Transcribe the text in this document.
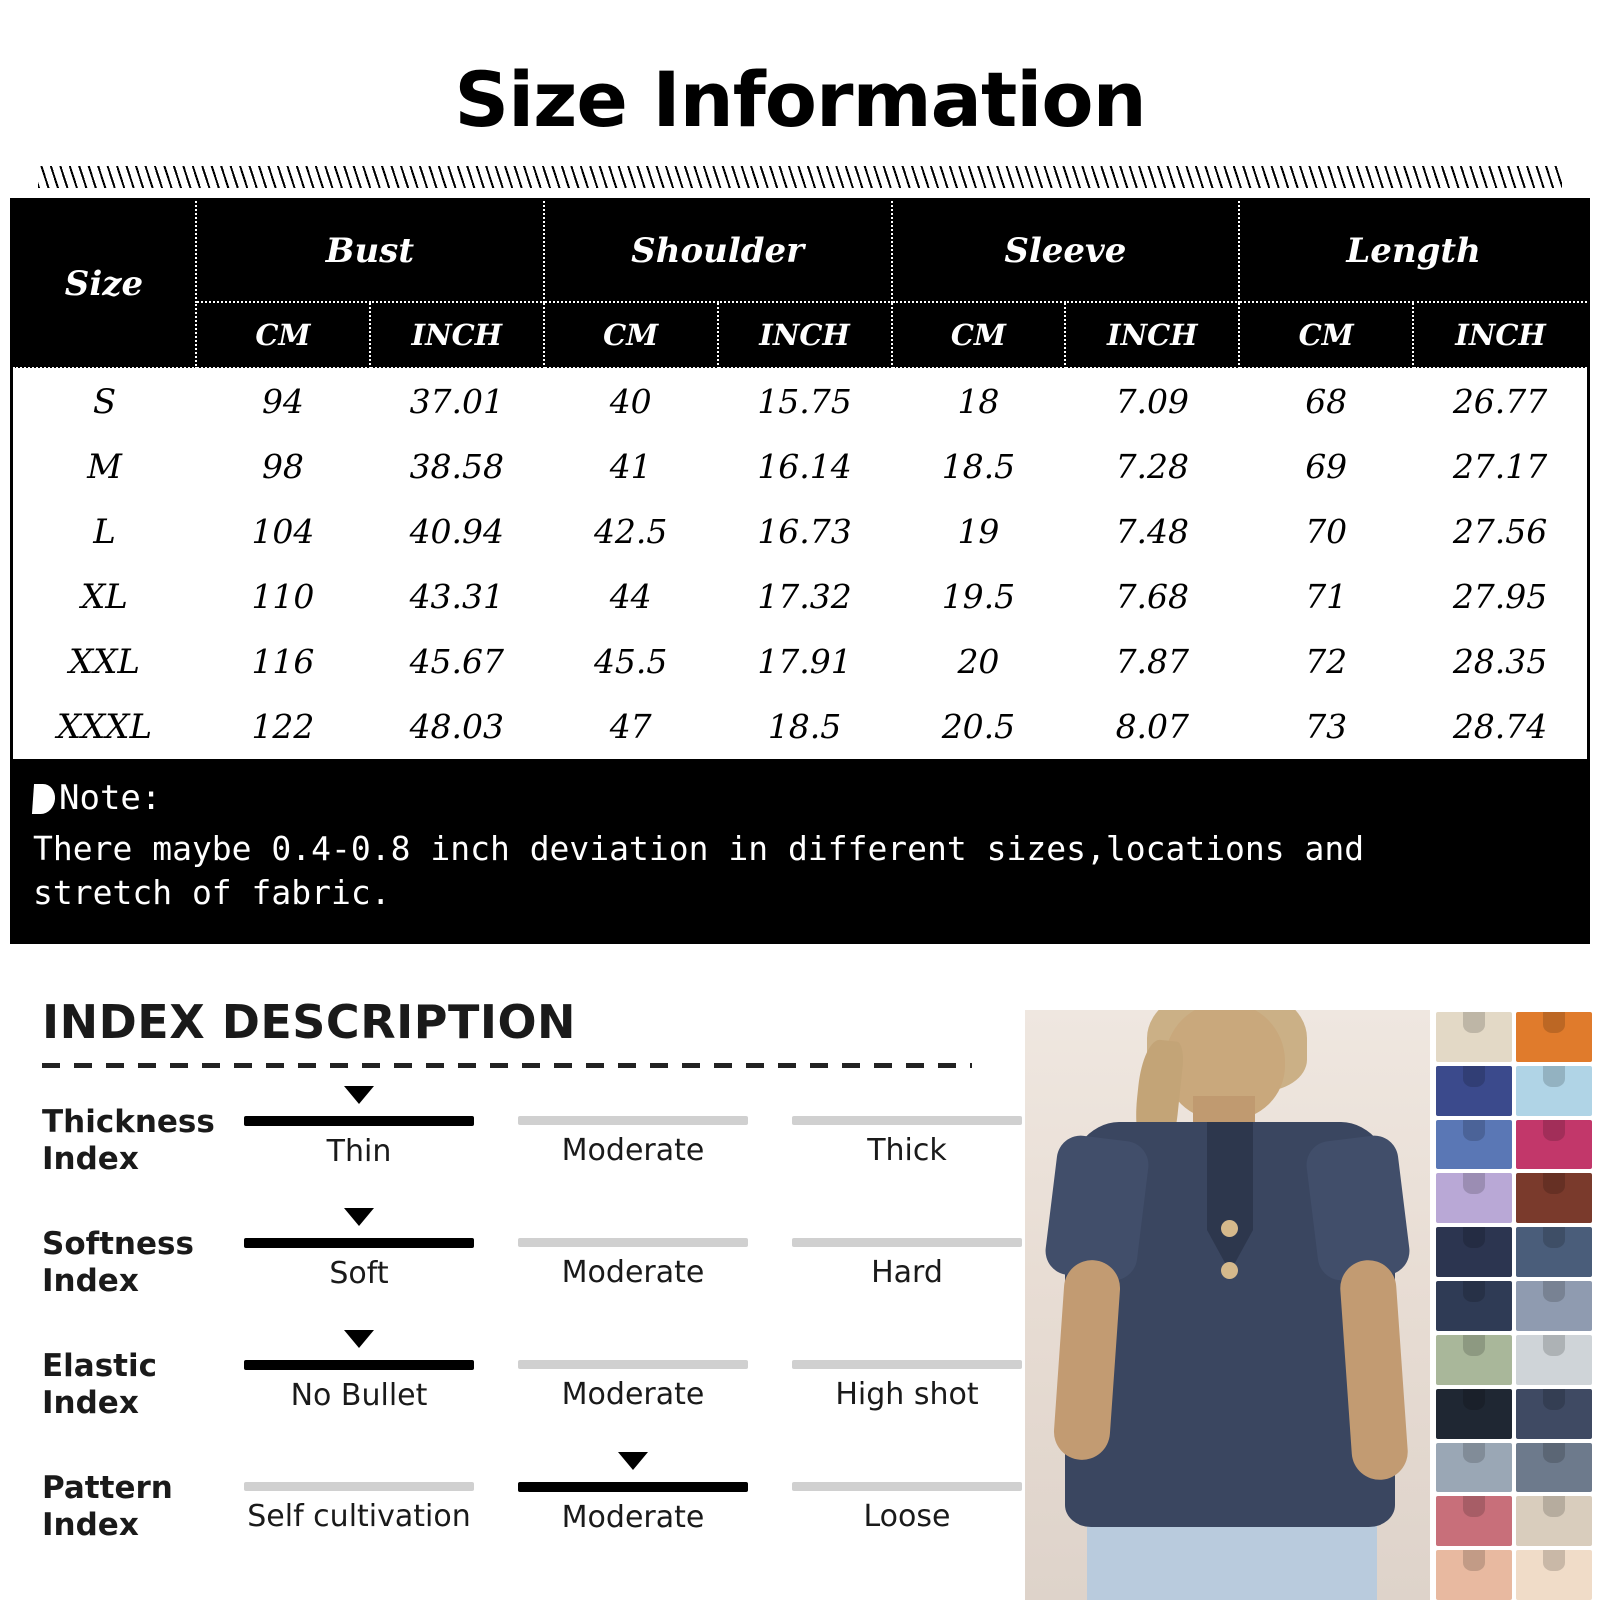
Size Information
Size	Bust		Shoulder		Sleeve		Length	
	CM	INCH	CM	INCH	CM	INCH	CM	INCH
S	94	37.01	40	15.75	18	7.09	68	26.77
M	98	38.58	41	16.14	18.5	7.28	69	27.17
L	104	40.94	42.5	16.73	19	7.48	70	27.56
XL	110	43.31	44	17.32	19.5	7.68	71	27.95
XXL	116	45.67	45.5	17.91	20	7.87	72	28.35
XXXL	122	48.03	47	18.5	20.5	8.07	73	28.74
Note:
There maybe 0.4-0.8 inch deviation in different sizes,locations and
stretch of fabric.
INDEX DESCRIPTION
Thickness
Index	Thin	Moderate	Thick
Softness
Index	Soft	Moderate	Hard
Elastic
Index	No Bullet	Moderate	High shot
Pattern
Index	Self cultivation	Moderate	Loose
